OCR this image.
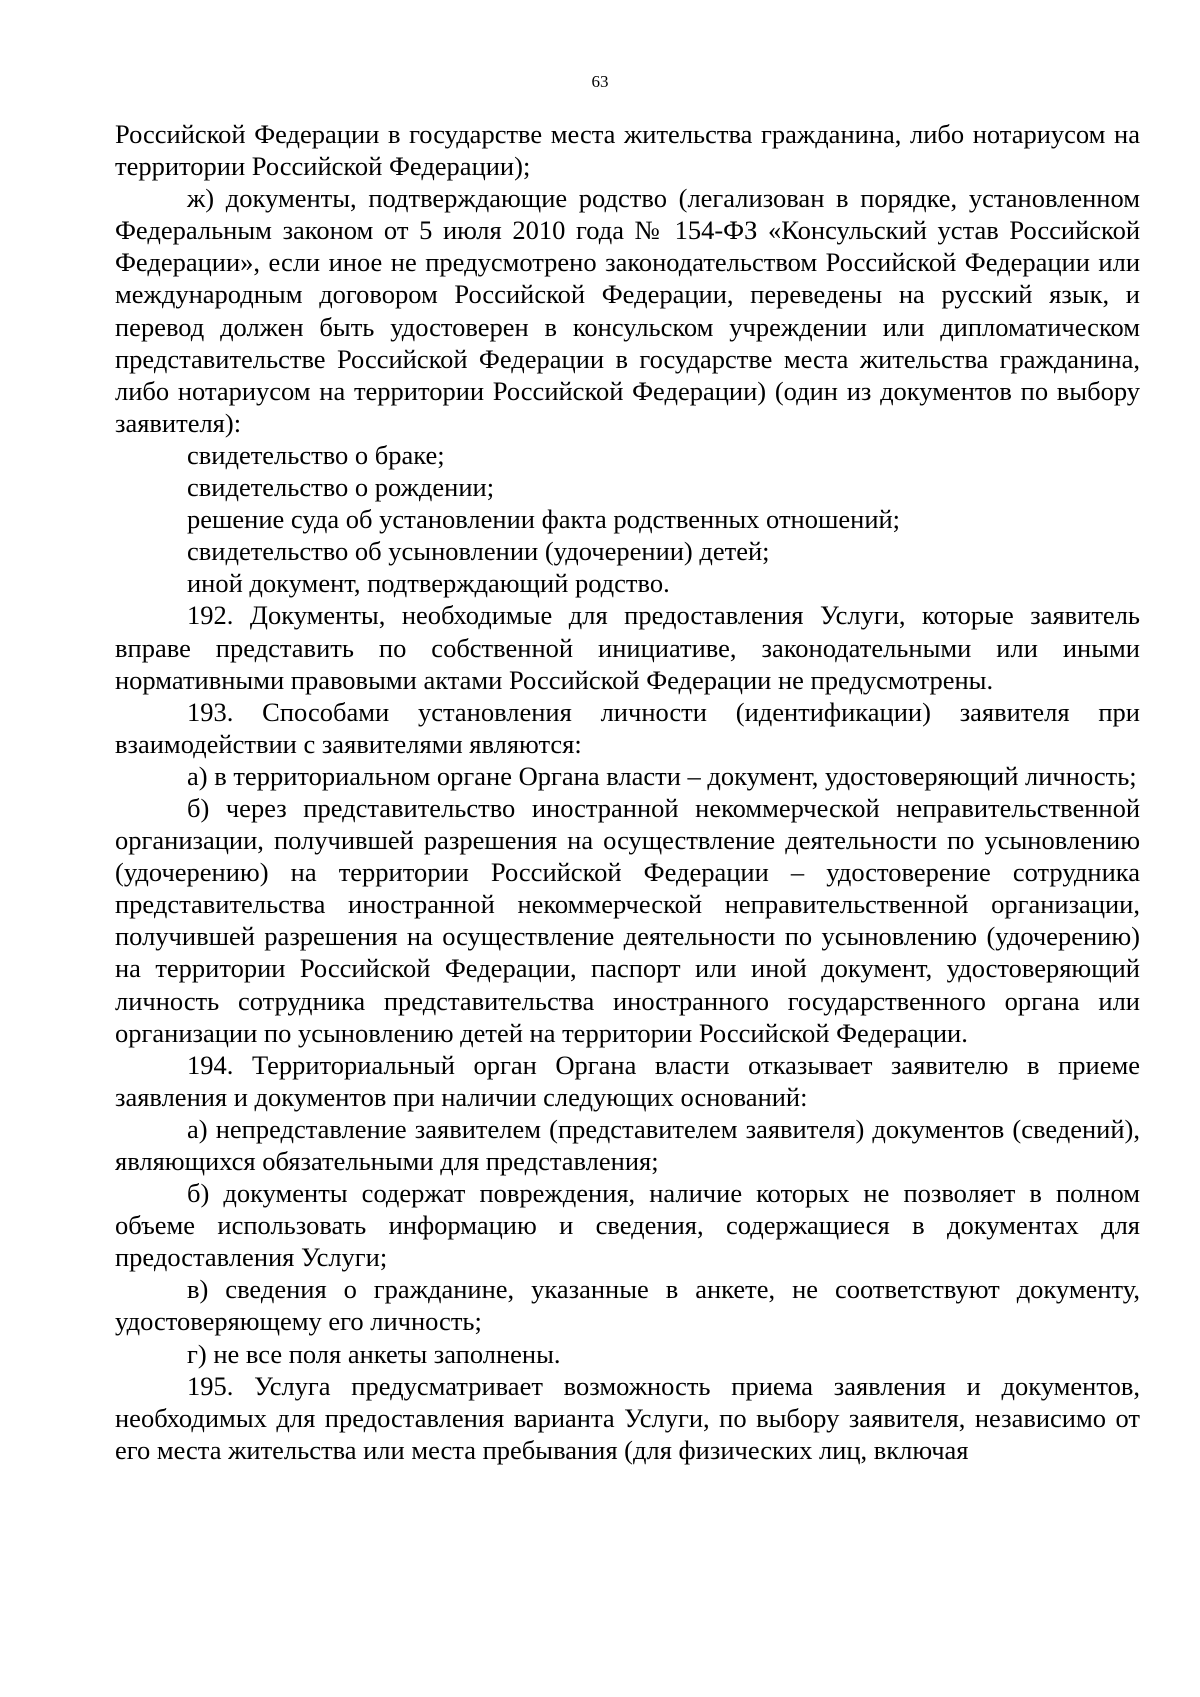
63

Российской Федерации в государстве места жительства гражданина, либо нотариусом на территории Российской Федерации);

ж) документы, подтверждающие родство (легализован в порядке, установленном Федеральным законом от 5 июля 2010 года № 154-ФЗ «Консульский устав Российской Федерации», если иное не предусмотрено законодательством Российской Федерации или международным договором Российской Федерации, переведены на русский язык, и перевод должен быть удостоверен в консульском учреждении или дипломатическом представительстве Российской Федерации в государстве места жительства гражданина, либо нотариусом на территории Российской Федерации) (один из документов по выбору заявителя):

свидетельство о браке;

свидетельство о рождении;

решение суда об установлении факта родственных отношений;

свидетельство об усыновлении (удочерении) детей;

иной документ, подтверждающий родство.

192. Документы, необходимые для предоставления Услуги, которые заявитель вправе представить по собственной инициативе, законодательными или иными нормативными правовыми актами Российской Федерации не предусмотрены.

193. Способами установления личности (идентификации) заявителя при взаимодействии с заявителями являются:

а) в территориальном органе Органа власти – документ, удостоверяющий личность;

б) через представительство иностранной некоммерческой неправительственной организации, получившей разрешения на осуществление деятельности по усыновлению (удочерению) на территории Российской Федерации – удостоверение сотрудника представительства иностранной некоммерческой неправительственной организации, получившей разрешения на осуществление деятельности по усыновлению (удочерению) на территории Российской Федерации, паспорт или иной документ, удостоверяющий личность сотрудника представительства иностранного государственного органа или организации по усыновлению детей на территории Российской Федерации.

194. Территориальный орган Органа власти отказывает заявителю в приеме заявления и документов при наличии следующих оснований:

а) непредставление заявителем (представителем заявителя) документов (сведений), являющихся обязательными для представления;

б) документы содержат повреждения, наличие которых не позволяет в полном объеме использовать информацию и сведения, содержащиеся в документах для предоставления Услуги;

в) сведения о гражданине, указанные в анкете, не соответствуют документу, удостоверяющему его личность;

г) не все поля анкеты заполнены.

195. Услуга предусматривает возможность приема заявления и документов, необходимых для предоставления варианта Услуги, по выбору заявителя, независимо от его места жительства или места пребывания (для физических лиц, включая
